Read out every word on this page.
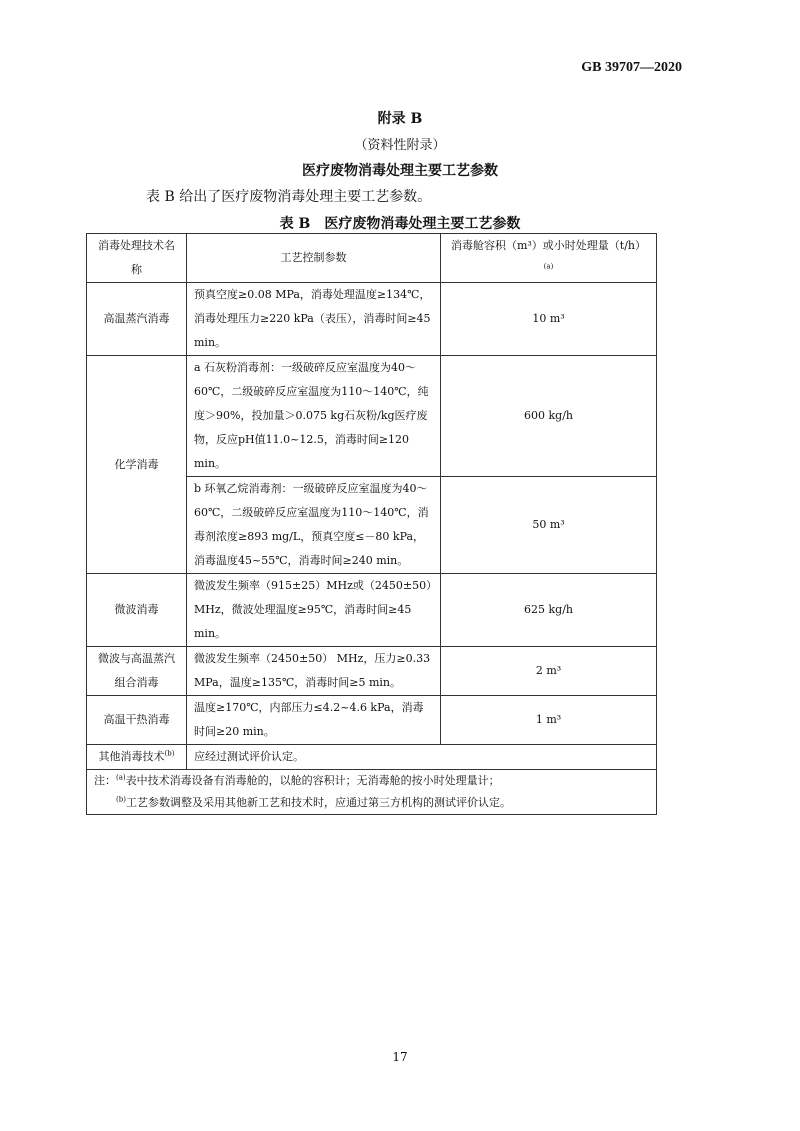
GB 39707—2020
附录 B
（资料性附录）
医疗废物消毒处理主要工艺参数
表 B 给出了医疗废物消毒处理主要工艺参数。
表 B　医疗废物消毒处理主要工艺参数
消毒处理技术名称	工艺控制参数	消毒舱容积（m³）或小时处理量$(t/h)^{(a)}$
高温蒸汽消毒	预真空度≥0.08 MPa，消毒处理温度≥134℃，消毒处理压力≥220 kPa（表压），消毒时间≥45 min。	10 m³
化学消毒	a 石灰粉消毒剂：一级破碎反应室温度为40～60℃，二级破碎反应室温度为110～140℃，纯度＞90%，投加量＞0.075 kg石灰粉/kg医疗废物，反应pH值11.0~12.5，消毒时间≥120 min。	600 kg/h
	b 环氧乙烷消毒剂：一级破碎反应室温度为40～60℃，二级破碎反应室温度为110～140℃，消毒剂浓度≥893 mg/L，预真空度≤－80 kPa，消毒温度45~55℃，消毒时间≥240 min。	50 m³
微波消毒	微波发生频率（915±25）MHz或（2450±50）MHz，微波处理温度≥95℃，消毒时间≥45 min。	625 kg/h
微波与高温蒸汽组合消毒	微波发生频率（2450±50） MHz，压力≥0.33 MPa，温度≥135℃，消毒时间≥5 min。	2 m³
高温干热消毒	温度≥170℃，内部压力≤4.2~4.6 kPa，消毒时间≥20 min。	1 m³
其他消毒技术$^{(b)}$	应经过测试评价认定。	

注：$^{(a)}$表中技术消毒设备有消毒舱的，以舱的容积计；无消毒舱的按小时处理量计；
$^{(b)}$工艺参数调整及采用其他新工艺和技术时，应通过第三方机构的测试评价认定。		
17
